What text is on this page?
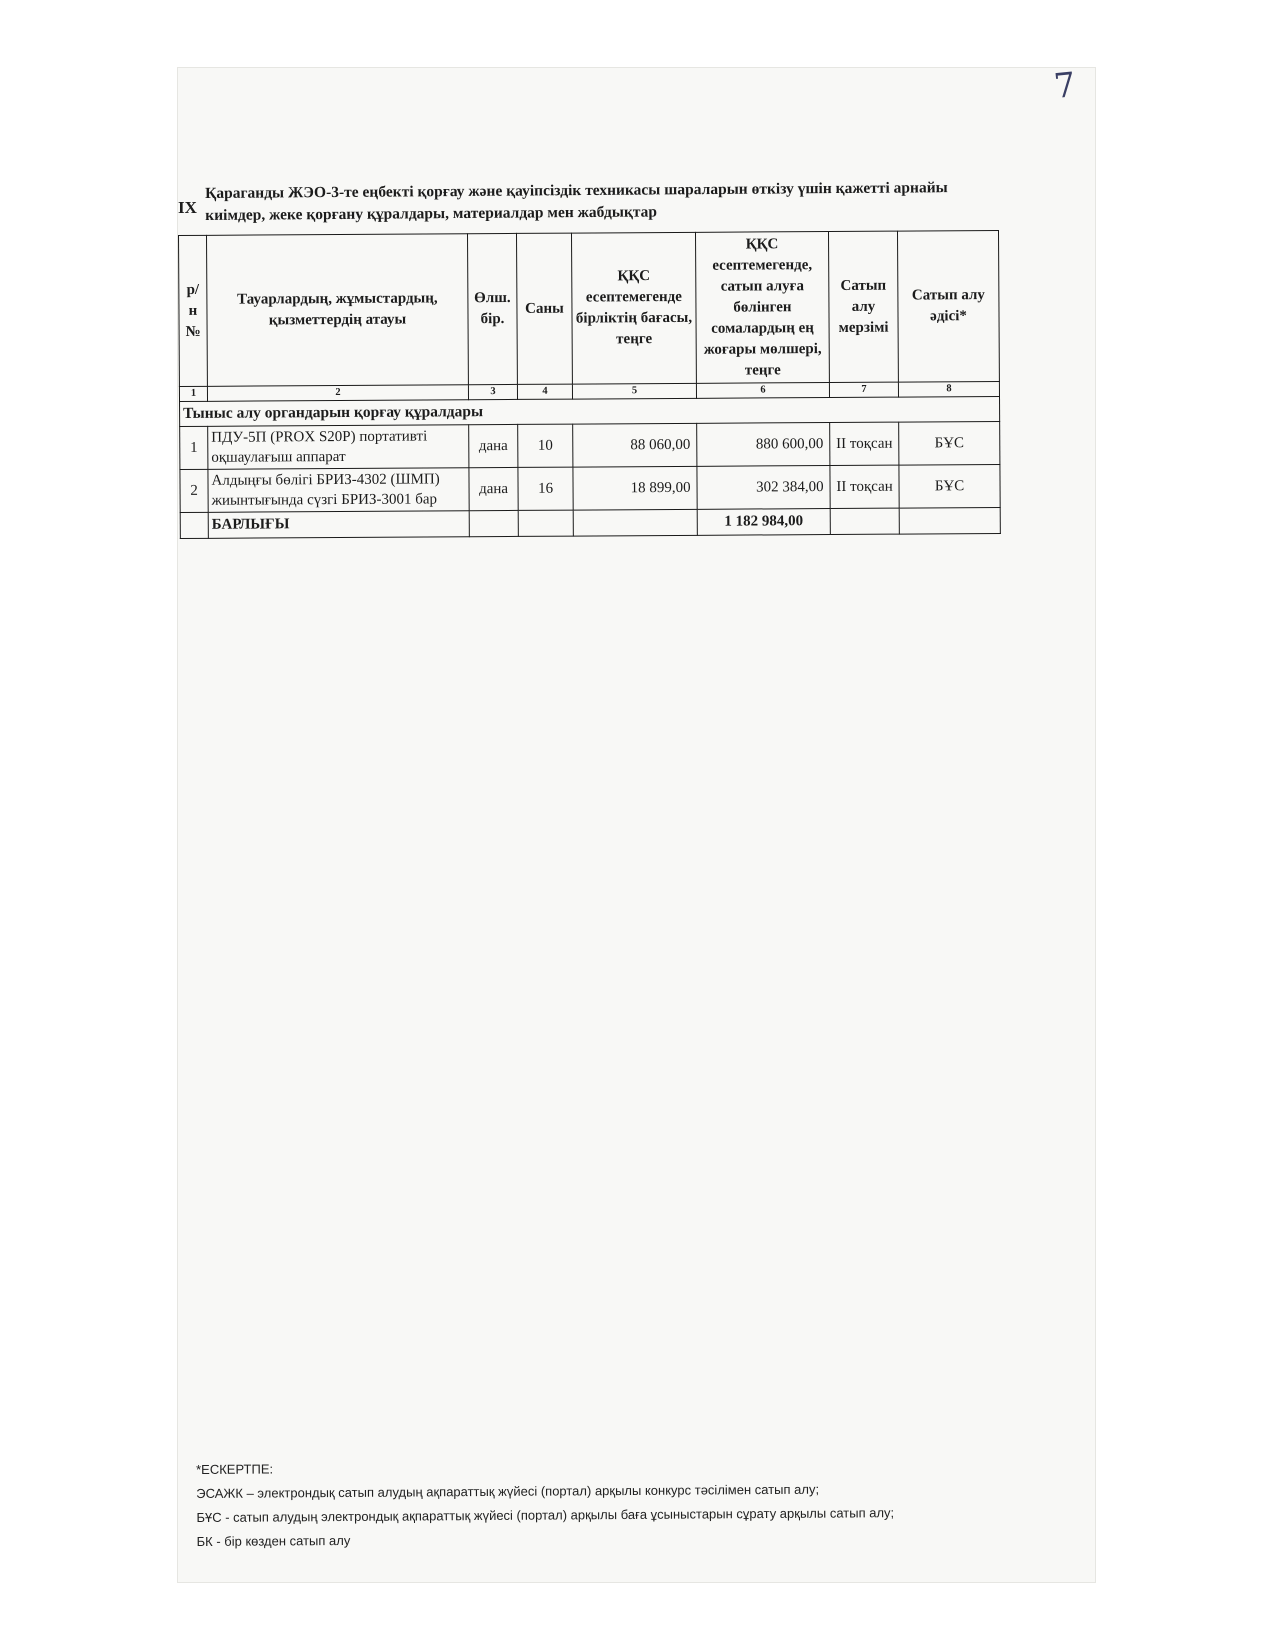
7
IX
Қараганды ЖЭО-3-те еңбекті қорғау және қауіпсіздік техникасы шараларын өткізу үшін қажетті арнайы киімдер, жеке қорғану құралдары, материалдар мен жабдықтар
р/н №	Тауарлардың, жұмыстардың, қызметтердің атауы	Өлш. бір.	Саны	ҚҚС есептемегенде бірліктің бағасы, теңге	ҚҚС есептемегенде, сатып алуға бөлінген сомалардың ең жоғары мөлшері, теңге	Сатып алу мерзімі	Сатып алу әдісі*
1	2	3	4	5	6	7	8
Тыныс алу органдарын қорғау құралдары							
1	ПДУ-5П (PROX S20P) портативті оқшаулағыш аппарат	дана	10	88 060,00	880 600,00	II тоқсан	БҰС
2	Алдыңғы бөлігі БРИЗ-4302 (ШМП) жиынтығында сүзгі БРИЗ-3001 бар	дана	16	18 899,00	302 384,00	II тоқсан	БҰС
	БАРЛЫҒЫ				1 182 984,00		
*ЕСКЕРТПЕ:
ЭСАЖК – электрондық сатып алудың ақпараттық жүйесі (портал) арқылы конкурс тәсілімен сатып алу;
БҰС - сатып алудың электрондық ақпараттық жүйесі (портал) арқылы баға ұсыныстарын сұрату арқылы сатып алу;
БК - бір көзден сатып алу
